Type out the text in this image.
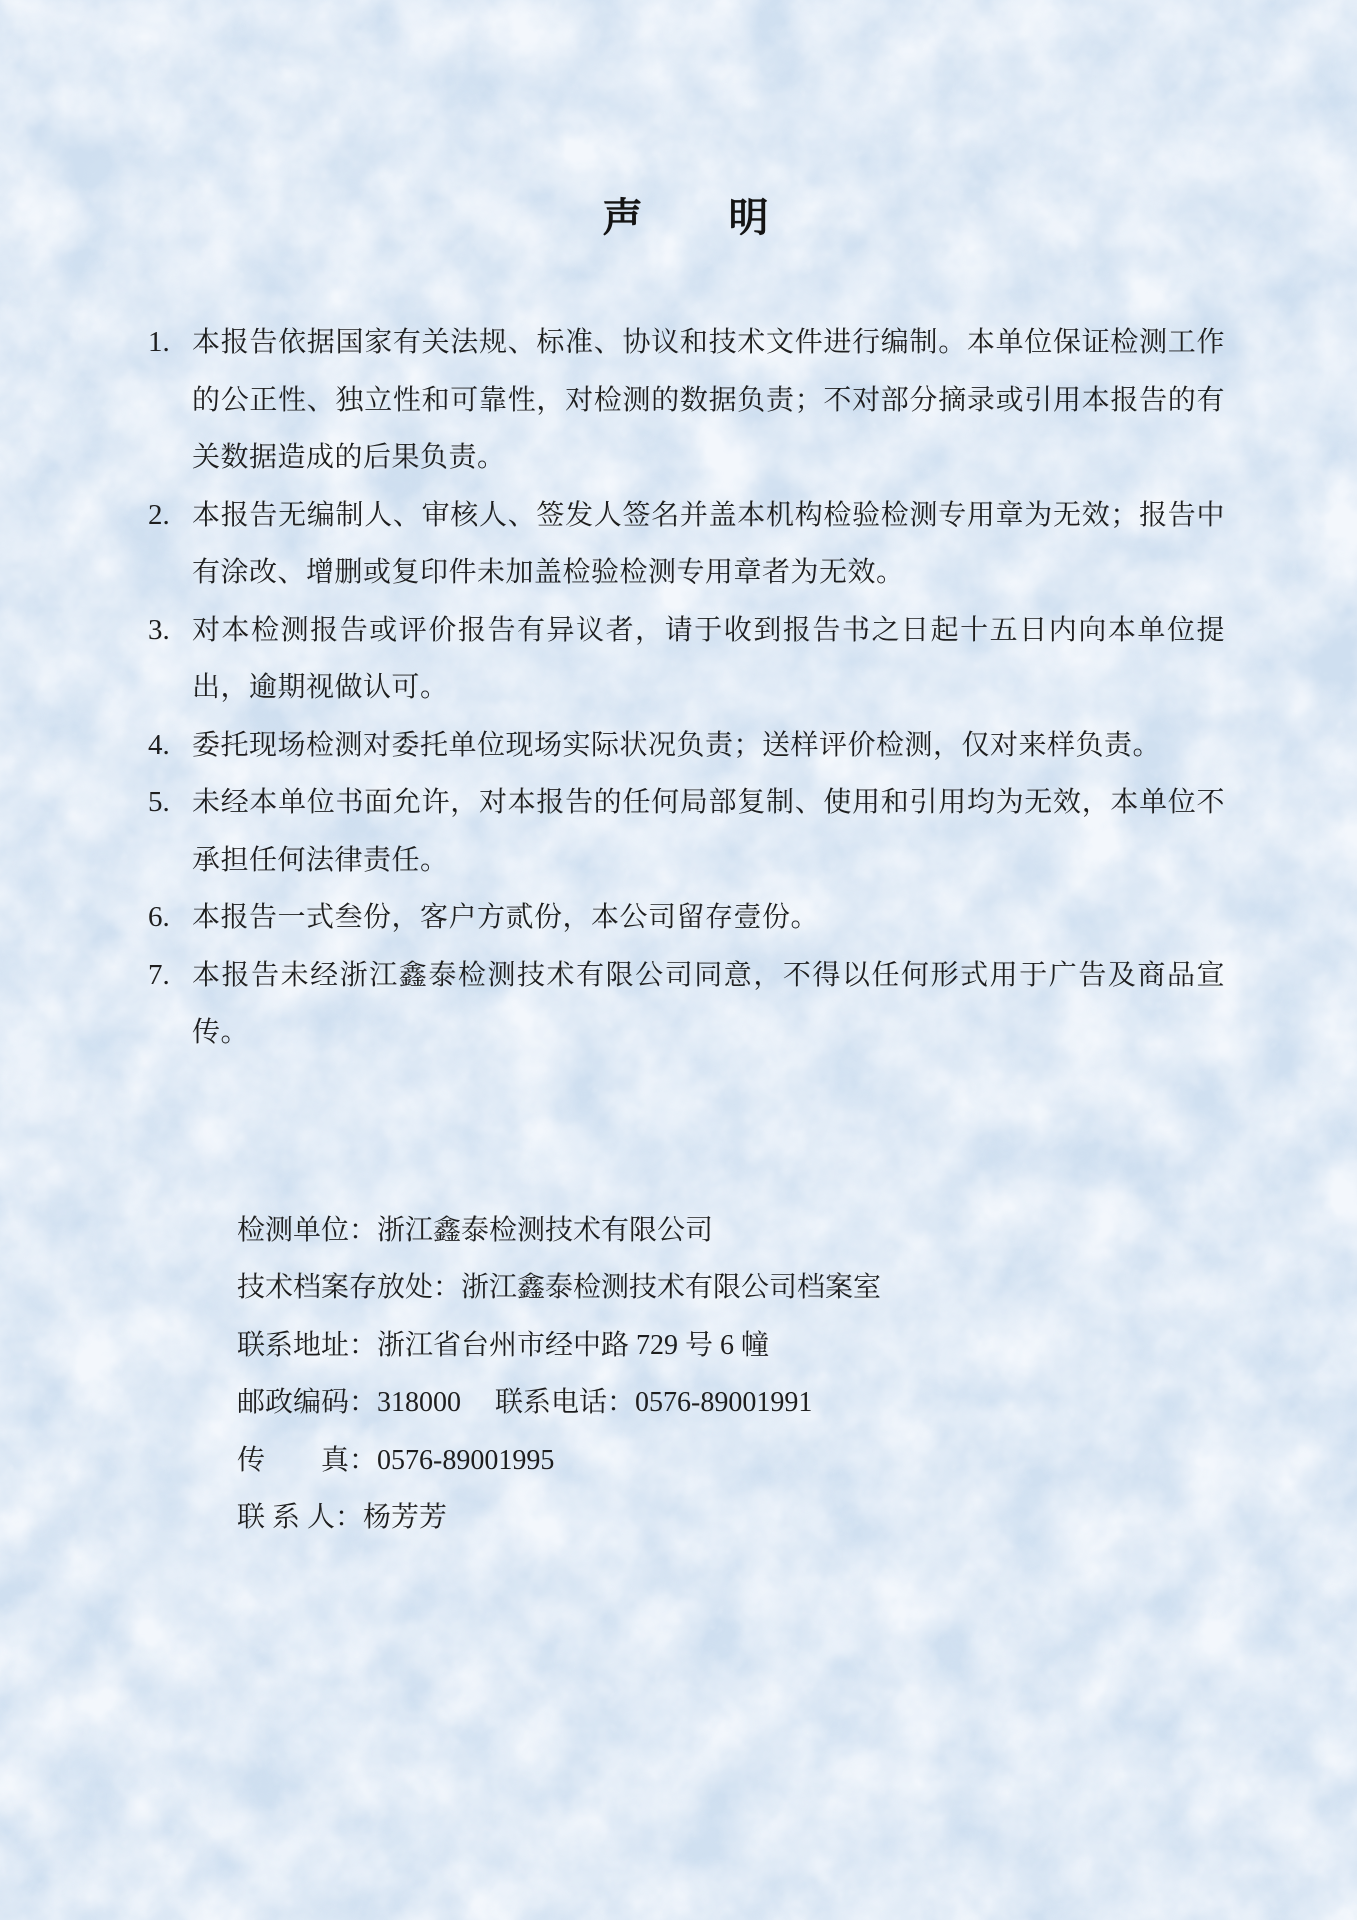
声　　明
1. 本报告依据国家有关法规、标准、协议和技术文件进行编制。本单位保证检测工作的公正性、独立性和可靠性，对检测的数据负责；不对部分摘录或引用本报告的有关数据造成的后果负责。
2. 本报告无编制人、审核人、签发人签名并盖本机构检验检测专用章为无效；报告中有涂改、增删或复印件未加盖检验检测专用章者为无效。
3. 对本检测报告或评价报告有异议者，请于收到报告书之日起十五日内向本单位提出，逾期视做认可。
4. 委托现场检测对委托单位现场实际状况负责；送样评价检测，仅对来样负责。
5. 未经本单位书面允许，对本报告的任何局部复制、使用和引用均为无效，本单位不承担任何法律责任。
6. 本报告一式叁份，客户方贰份，本公司留存壹份。
7. 本报告未经浙江鑫泰检测技术有限公司同意，不得以任何形式用于广告及商品宣传。
检测单位：浙江鑫泰检测技术有限公司
技术档案存放处：浙江鑫泰检测技术有限公司档案室
联系地址：浙江省台州市经中路 729 号 6 幢
邮政编码：318000	联系电话：0576-89001991
传　　真：0576-89001995
联 系 人：杨芳芳
